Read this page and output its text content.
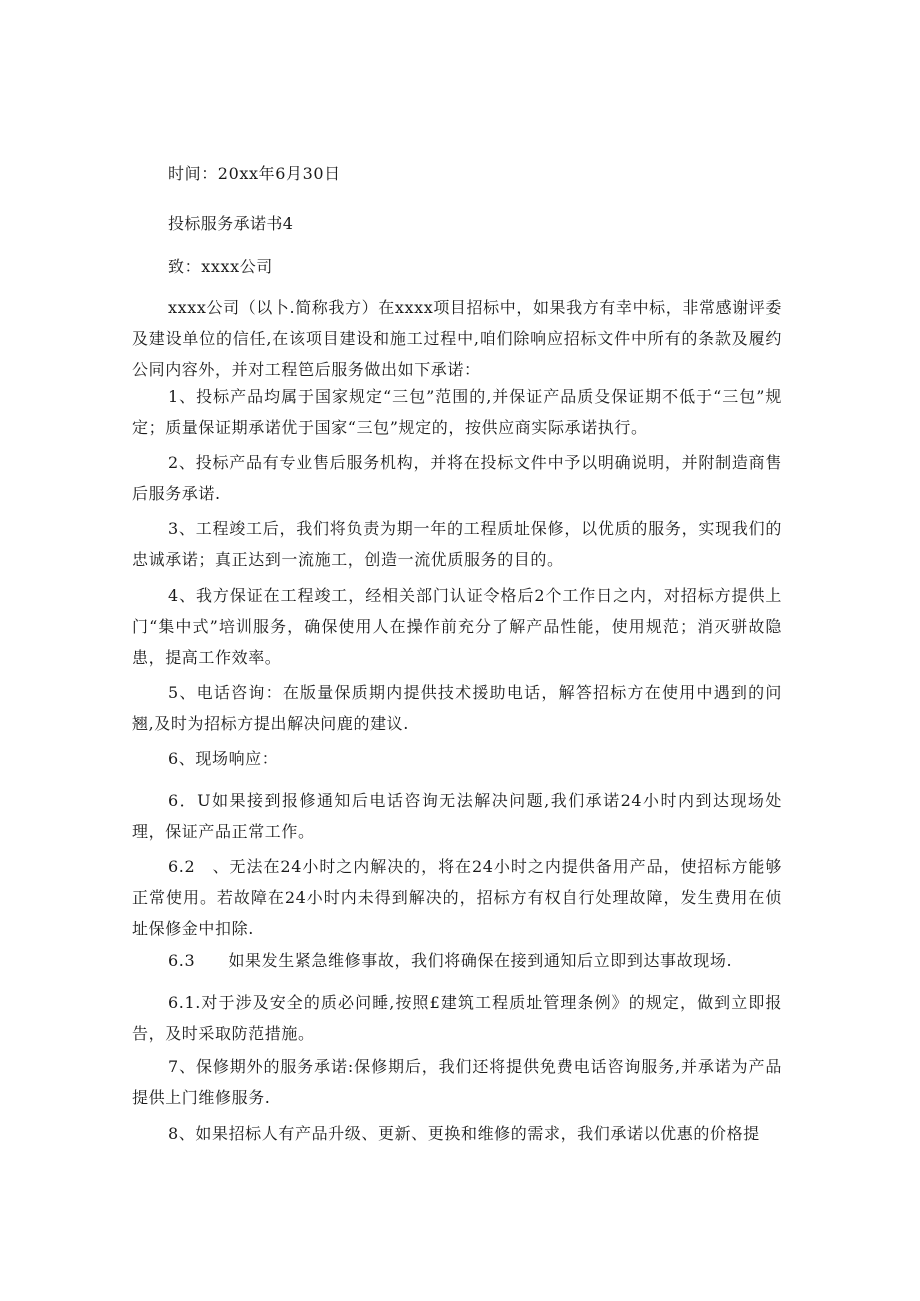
时间：20xx年6月30日
投标服务承诺书4
致：xxxx公司

xxxx公司（以卜.简称我方）在xxxx项目招标中，如果我方有幸中标，非常感谢评委及建设单位的信任,在该项目建设和施工过程中,咱们除响应招标文件中所有的条款及履约公同内容外，并对工程笆后服务做出如下承诺：

1、投标产品均属于国家规定“三包”范围的,并保证产品质殳保证期不低于“三包”规定；质量保证期承诺优于国家“三包”规定的，按供应商实际承诺执行。

2、投标产品有专业售后服务机构，并将在投标文件中予以明确说明，并附制造商售后服务承诺.

3、工程竣工后，我们将负责为期一年的工程质址保修，以优质的服务，实现我们的忠诚承诺；真正达到一流施工，创造一流优质服务的目的。

4、我方保证在工程竣工，经相关部门认证令格后2个工作日之内，对招标方提供上门“集中式”培训服务，确保使用人在操作前充分了解产品性能，使用规范；消灭骈故隐患，提高工作效率。

5、电话咨询：在版量保质期内提供技术援助电话，解答招标方在使用中遇到的问翘,及时为招标方提出解决问鹿的建议.

6、现场响应：

6．U如果接到报修通知后电话咨询无法解决问题,我们承诺24小时内到达现场处理，保证产品正常工作。

6.2　、无法在24小时之内解决的，将在24小时之内提供备用产品，使招标方能够正常使用。若故障在24小时内未得到解决的，招标方有权自行处理故障，发生费用在侦址保修金中扣除.

6.3　　如果发生紧急维修事故，我们将确保在接到通知后立即到达事故现场.

6.1.对于涉及安全的质必问睡,按照£建筑工程质址管理条例》的规定，做到立即报告，及时采取防范措施。

7、保修期外的服务承诺:保修期后，我们还将提供免费电话咨询服务,并承诺为产品提供上门维修服务.

8、如果招标人有产品升级、更新、更换和维修的需求，我们承诺以优惠的价格提
